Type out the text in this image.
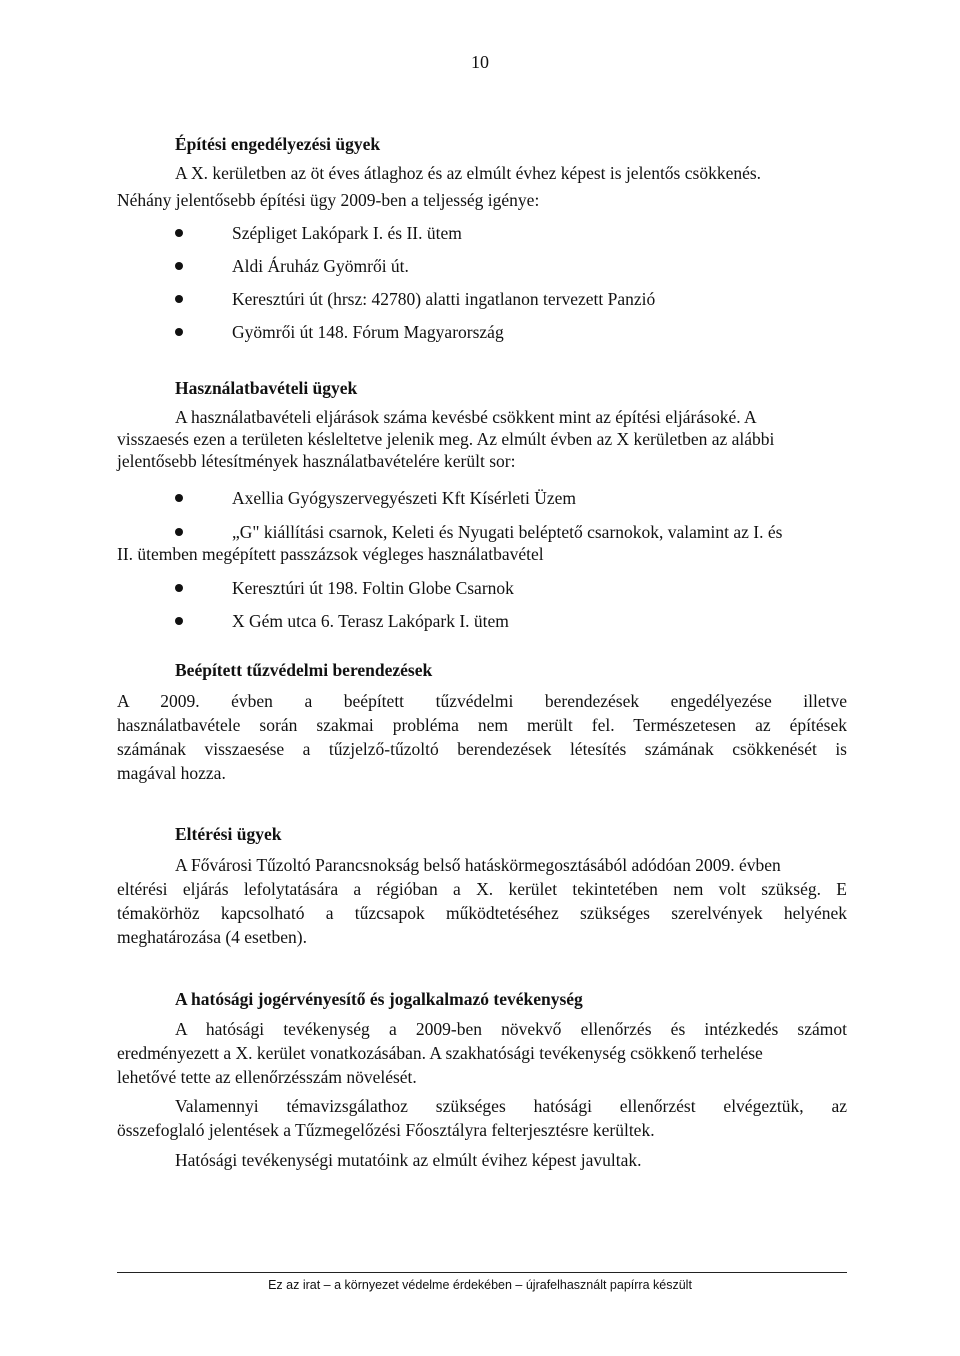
10
Építési engedélyezési ügyek
A X. kerületben az öt éves átlaghoz és az elmúlt évhez képest is jelentős csökkenés.
Néhány jelentősebb építési ügy 2009-ben a teljesség igénye:
Szépliget Lakópark I. és II. ütem
Aldi Áruház Gyömrői út.
Keresztúri út (hrsz: 42780) alatti ingatlanon tervezett Panzió
Gyömrői út 148. Fórum Magyarország
Használatbavételi ügyek
A használatbavételi eljárások száma kevésbé csökkent mint az építési eljárásoké. A
visszaesés ezen a területen késleltetve jelenik meg. Az elmúlt évben az X kerületben az alábbi
jelentősebb létesítmények használatbavételére került sor:
Axellia Gyógyszervegyészeti Kft Kísérleti Üzem
„G" kiállítási csarnok, Keleti és Nyugati beléptető csarnokok, valamint az I. és
II. ütemben megépített passzázsok végleges használatbavétel
Keresztúri út 198. Foltin Globe Csarnok
X Gém utca 6. Terasz Lakópark I. ütem
Beépített tűzvédelmi berendezések
A 2009. évben a beépített tűzvédelmi berendezések engedélyezése illetve
használatbavétele során szakmai probléma nem merült fel. Természetesen az építések
számának visszaesése a tűzjelző-tűzoltó berendezések létesítés számának csökkenését is
magával hozza.
Eltérési ügyek
A Fővárosi Tűzoltó Parancsnokság belső hatáskörmegosztásából adódóan 2009. évben
eltérési eljárás lefolytatására a régióban a X. kerület tekintetében nem volt szükség. E
témakörhöz kapcsolható a tűzcsapok működtetéséhez szükséges szerelvények helyének
meghatározása (4 esetben).
A hatósági jogérvényesítő és jogalkalmazó tevékenység
A hatósági tevékenység a 2009-ben növekvő ellenőrzés és intézkedés számot
eredményezett a X. kerület vonatkozásában. A szakhatósági tevékenység csökkenő terhelése
lehetővé tette az ellenőrzésszám növelését.
Valamennyi témavizsgálathoz szükséges hatósági ellenőrzést elvégeztük, az
összefoglaló jelentések a Tűzmegelőzési Főosztályra felterjesztésre kerültek.
Hatósági tevékenységi mutatóink az elmúlt évihez képest javultak.
Ez az irat – a környezet védelme érdekében – újrafelhasznált papírra készült
